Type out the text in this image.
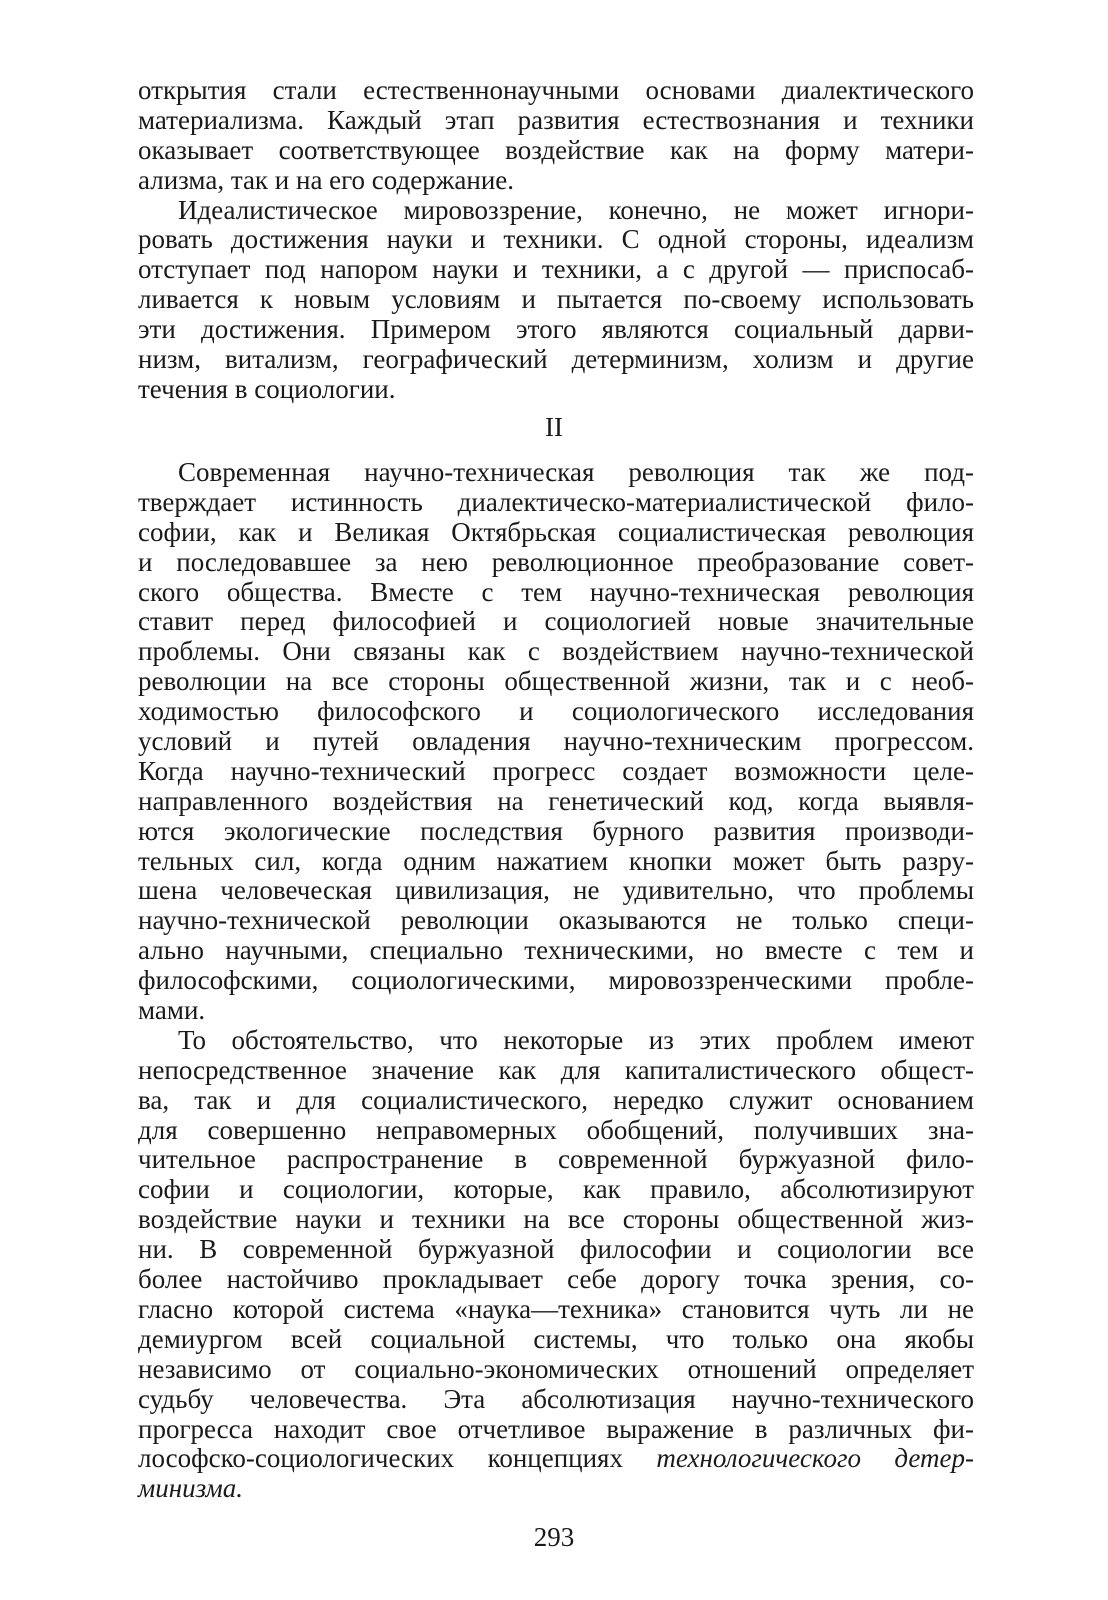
открытия стали естественнонаучными основами диалектического
материализма. Каждый этап развития естествознания и техники
оказывает соответствующее воздействие как на форму матери-
ализма, так и на его содержание.
Идеалистическое мировоззрение, конечно, не может игнори-
ровать достижения науки и техники. С одной стороны, идеализм
отступает под напором науки и техники, а с другой — приспосаб-
ливается к новым условиям и пытается по-своему использовать
эти достижения. Примером этого являются социальный дарви-
низм, витализм, географический детерминизм, холизм и другие
течения в социологии.
II
Современная научно-техническая революция так же под-
тверждает истинность диалектическо-материалистической фило-
софии, как и Великая Октябрьская социалистическая революция
и последовавшее за нею революционное преобразование совет-
ского общества. Вместе с тем научно-техническая революция
ставит перед философией и социологией новые значительные
проблемы. Они связаны как с воздействием научно-технической
революции на все стороны общественной жизни, так и с необ-
ходимостью философского и социологического исследования
условий и путей овладения научно-техническим прогрессом.
Когда научно-технический прогресс создает возможности целе-
направленного воздействия на генетический код, когда выявля-
ются экологические последствия бурного развития производи-
тельных сил, когда одним нажатием кнопки может быть разру-
шена человеческая цивилизация, не удивительно, что проблемы
научно-технической революции оказываются не только специ-
ально научными, специально техническими, но вместе с тем и
философскими, социологическими, мировоззренческими пробле-
мами.
То обстоятельство, что некоторые из этих проблем имеют
непосредственное значение как для капиталистического общест-
ва, так и для социалистического, нередко служит основанием
для совершенно неправомерных обобщений, получивших зна-
чительное распространение в современной буржуазной фило-
софии и социологии, которые, как правило, абсолютизируют
воздействие науки и техники на все стороны общественной жиз-
ни. В современной буржуазной философии и социологии все
более настойчиво прокладывает себе дорогу точка зрения, со-
гласно которой система «наука—техника» становится чуть ли не
демиургом всей социальной системы, что только она якобы
независимо от социально-экономических отношений определяет
судьбу человечества. Эта абсолютизация научно-технического
прогресса находит свое отчетливое выражение в различных фи-
лософско-социологических концепциях технологического детер-
минизма.
293
